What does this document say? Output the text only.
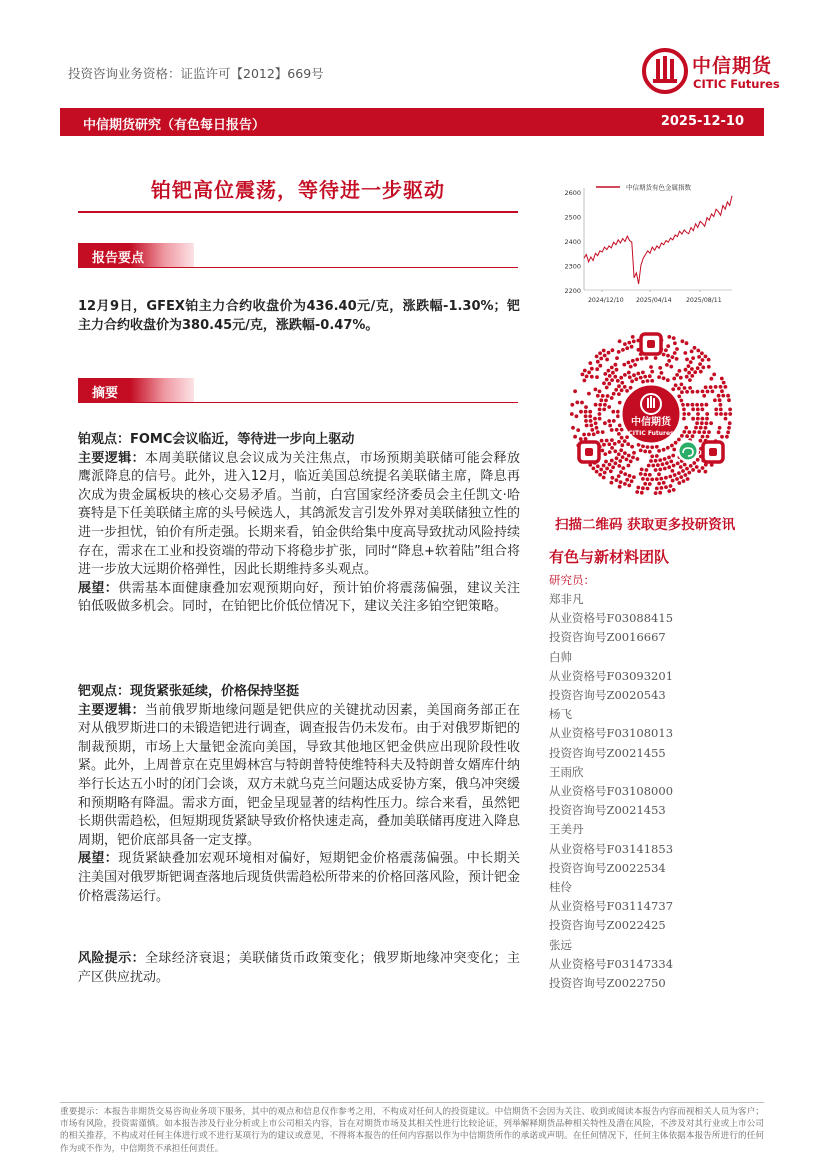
投资咨询业务资格：证监许可【2012】669号	中信期货
CITIC Futures
中信期货研究（有色每日报告）	2025-12-10
铂钯高位震荡，等待进一步驱动
报告要点
12月9日，GFEX铂主力合约收盘价为436.40元/克，涨跌幅-1.30%；钯主力合约收盘价为380.45元/克，涨跌幅-0.47%。
摘要

铂观点：FOMC会议临近，等待进一步向上驱动

主要逻辑：本周美联储议息会议成为关注焦点，市场预期美联储可能会释放鹰派降息的信号。此外，进入12月，临近美国总统提名美联储主席，降息再次成为贵金属板块的核心交易矛盾。当前，白宫国家经济委员会主任凯文·哈赛特是下任美联储主席的头号候选人，其鸽派发言引发外界对美联储独立性的进一步担忧，铂价有所走强。长期来看，铂金供给集中度高导致扰动风险持续存在，需求在工业和投资端的带动下将稳步扩张，同时“降息+软着陆”组合将进一步放大远期价格弹性，因此长期维持多头观点。

展望：供需基本面健康叠加宏观预期向好，预计铂价将震荡偏强，建议关注铂低吸做多机会。同时，在铂钯比价低位情况下，建议关注多铂空钯策略。

钯观点：现货紧张延续，价格保持坚挺

主要逻辑：当前俄罗斯地缘问题是钯供应的关键扰动因素，美国商务部正在对从俄罗斯进口的未锻造钯进行调查，调查报告仍未发布。由于对俄罗斯钯的制裁预期，市场上大量钯金流向美国，导致其他地区钯金供应出现阶段性收紧。此外，上周普京在克里姆林宫与特朗普特使维特科夫及特朗普女婿库什纳举行长达五小时的闭门会谈，双方未就乌克兰问题达成妥协方案，俄乌冲突缓和预期略有降温。需求方面，钯金呈现显著的结构性压力。综合来看，虽然钯长期供需趋松，但短期现货紧缺导致价格快速走高，叠加美联储再度进入降息周期，钯价底部具备一定支撑。

展望：现货紧缺叠加宏观环境相对偏好，短期钯金价格震荡偏强。中长期关注美国对俄罗斯钯调查落地后现货供需趋松所带来的价格回落风险，预计钯金价格震荡运行。

风险提示：全球经济衰退；美联储货币政策变化；俄罗斯地缘冲突变化；主产区供应扰动。

2200
2300
2400
2500
2600
2024/12/10 2025/04/14 2025/08/11
中信期货有色金属指数
中信期货
CITIC Futures
扫描二维码 获取更多投研资讯
有色与新材料团队
研究员：
郑非凡
从业资格号F03088415
投资咨询号Z0016667
白帅
从业资格号F03093201
投资咨询号Z0020543
杨飞
从业资格号F03108013
投资咨询号Z0021455
王雨欣
从业资格号F03108000
投资咨询号Z0021453
王美丹
从业资格号F03141853
投资咨询号Z0022534
桂伶
从业资格号F03114737
投资咨询号Z0022425
张远
从业资格号F03147334
投资咨询号Z0022750
重要提示：本报告非期货交易咨询业务项下服务，其中的观点和信息仅作参考之用，不构成对任何人的投资建议。中信期货不会因为关注、收到或阅读本报告内容而视相关人员为客户；市场有风险，投资需谨慎。如本报告涉及行业分析或上市公司相关内容，旨在对期货市场及其相关性进行比较论证，列举解释期货品种相关特性及潜在风险，不涉及对其行业或上市公司的相关推荐，不构成对任何主体进行或不进行某项行为的建议或意见，不得将本报告的任何内容据以作为中信期货所作的承诺或声明。在任何情况下，任何主体依据本报告所进行的任何作为或不作为，中信期货不承担任何责任。
